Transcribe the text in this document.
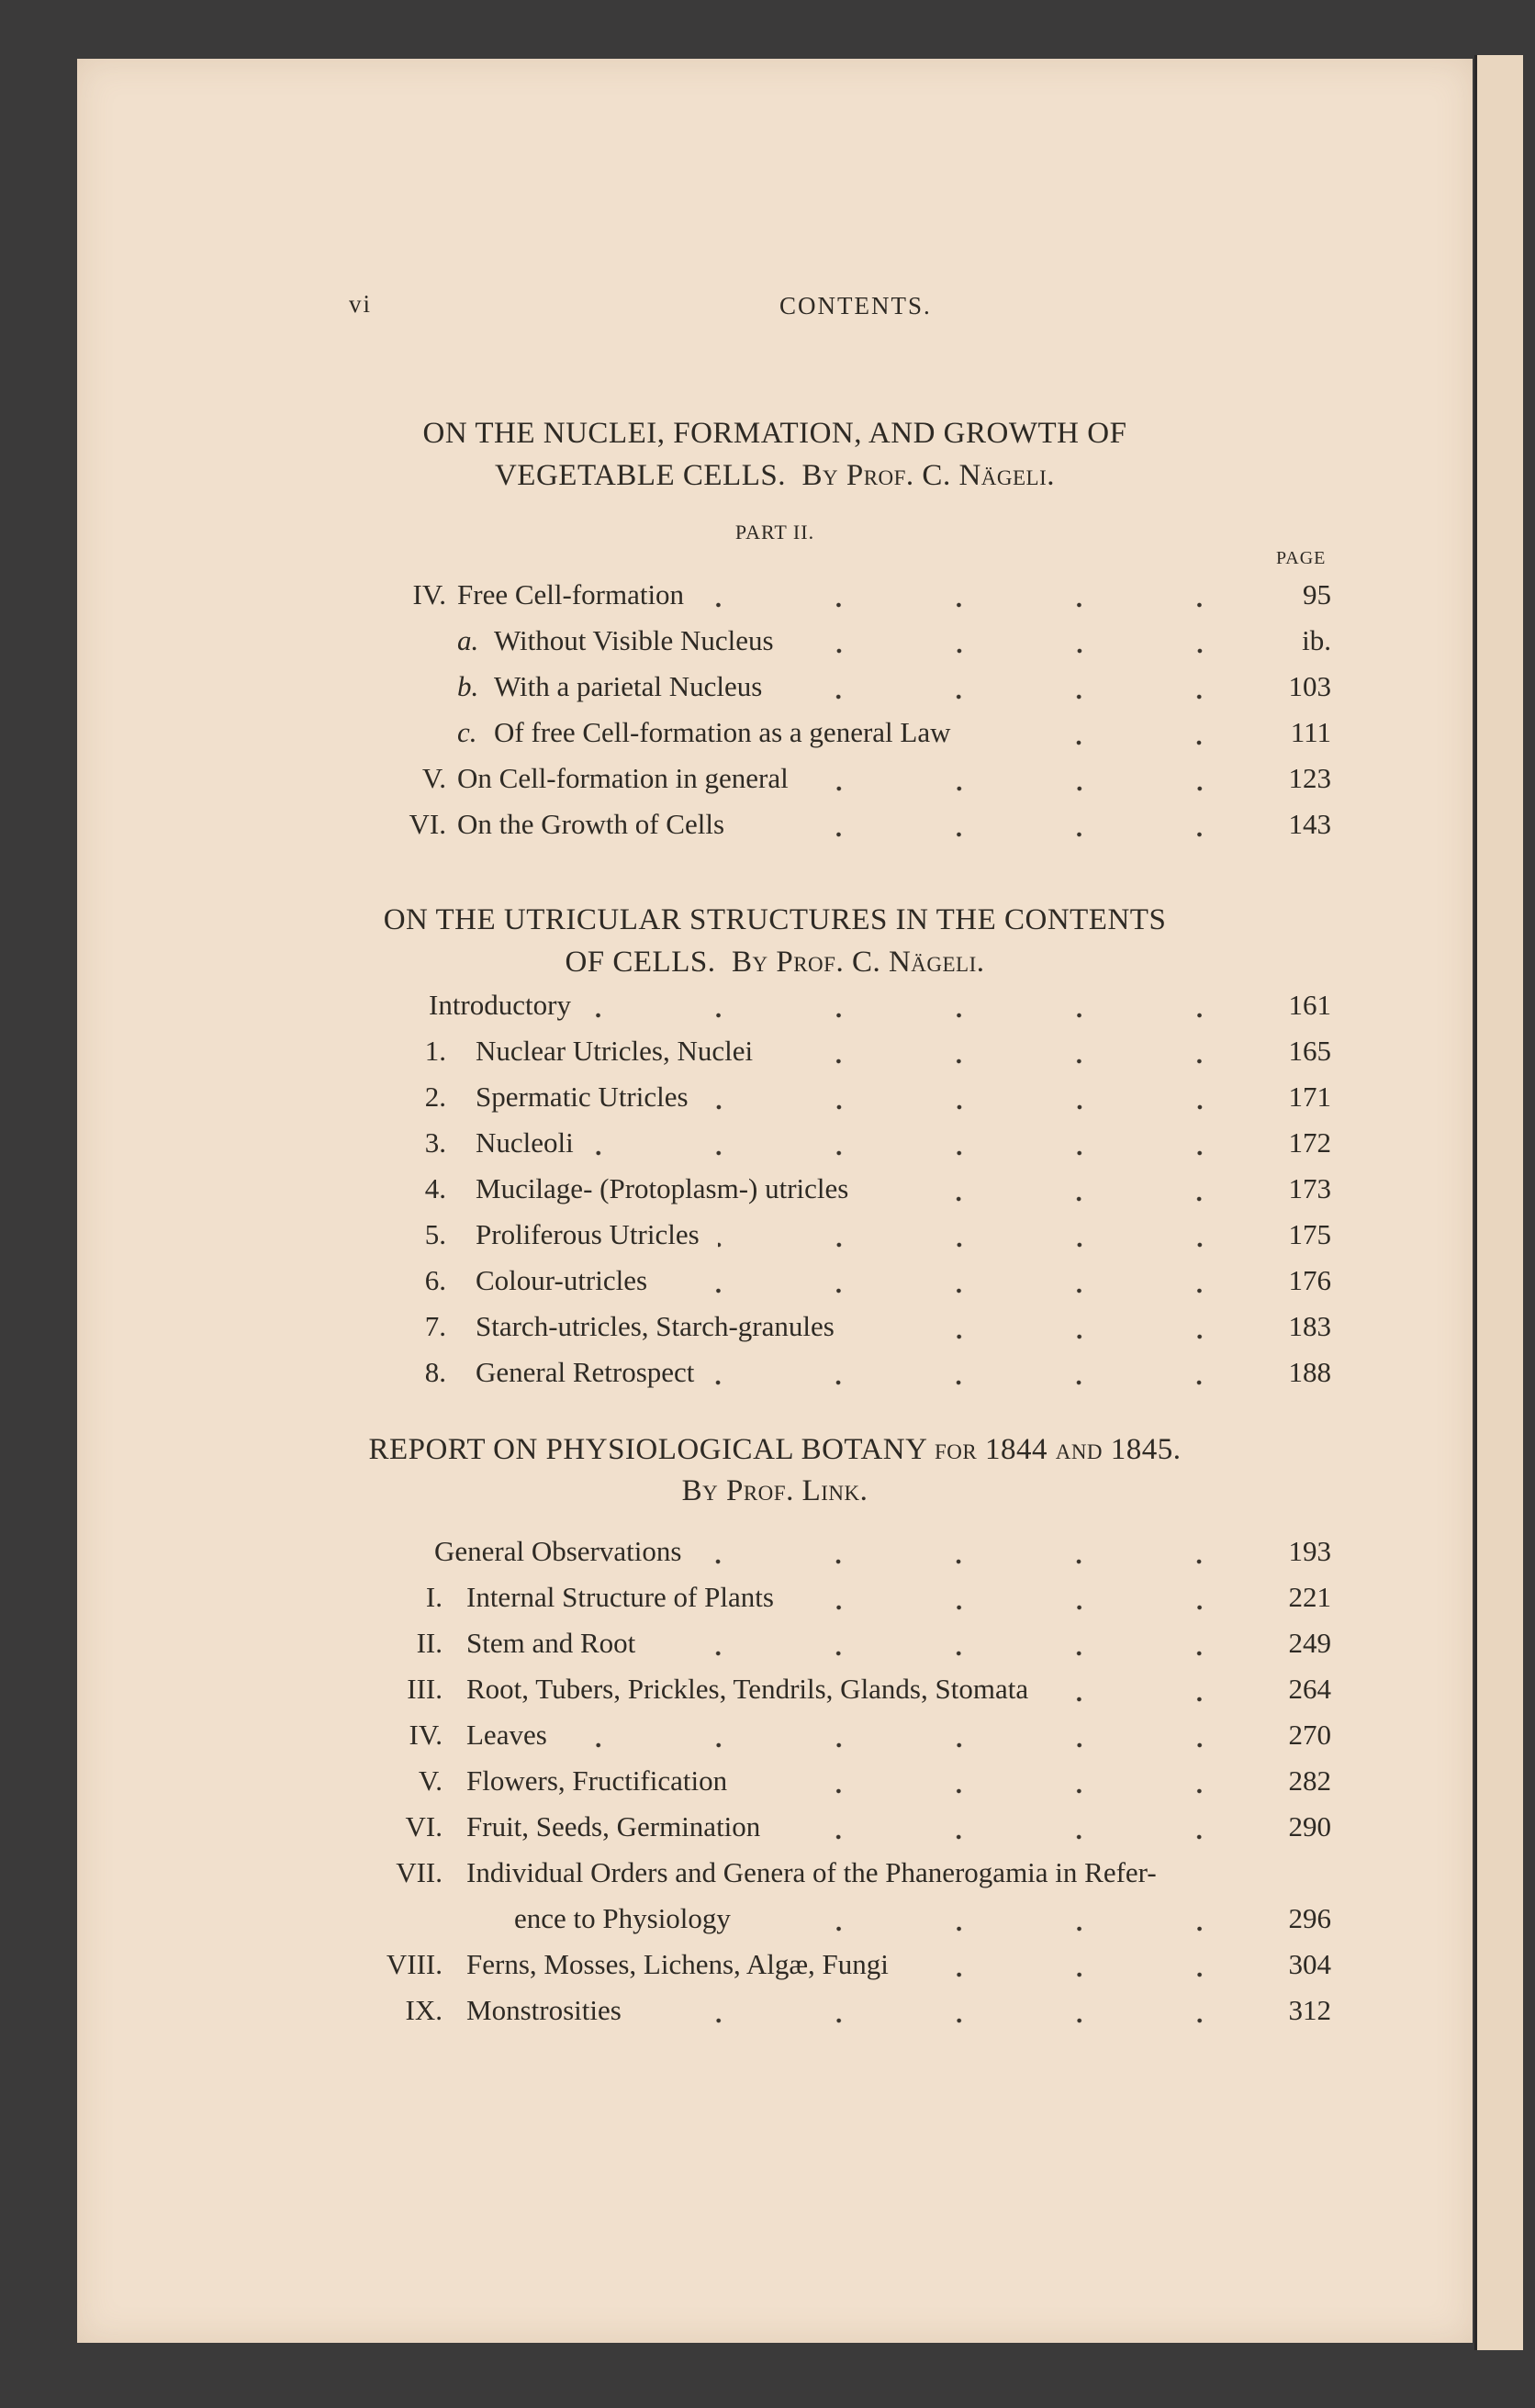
vi	CONTENTS.
ON THE NUCLEI, FORMATION, AND GROWTH OF
VEGETABLE CELLS. By Prof. C. Nägeli.
PART II.
PAGE
IV. Free Cell-formation	95
a. Without Visible Nucleus	ib.
b. With a parietal Nucleus	103
c. Of free Cell-formation as a general Law	111
V. On Cell-formation in general	123
VI. On the Growth of Cells	143
ON THE UTRICULAR STRUCTURES IN THE CONTENTS
OF CELLS. By Prof. C. Nägeli.
Introductory	161
1. Nuclear Utricles, Nuclei	165
2. Spermatic Utricles	171
3. Nucleoli	172
4. Mucilage- (Protoplasm-) utricles	173
5. Proliferous Utricles	175
6. Colour-utricles	176
7. Starch-utricles, Starch-granules	183
8. General Retrospect	188
REPORT ON PHYSIOLOGICAL BOTANY for 1844 and 1845.
By Prof. Link.
General Observations	193
I. Internal Structure of Plants	221
II. Stem and Root	249
III. Root, Tubers, Prickles, Tendrils, Glands, Stomata	264
IV. Leaves	270
V. Flowers, Fructification	282
VI. Fruit, Seeds, Germination	290
VII. Individual Orders and Genera of the Phanerogamia in Refer-
ence to Physiology	296
VIII. Ferns, Mosses, Lichens, Algæ, Fungi	304
IX. Monstrosities	312
